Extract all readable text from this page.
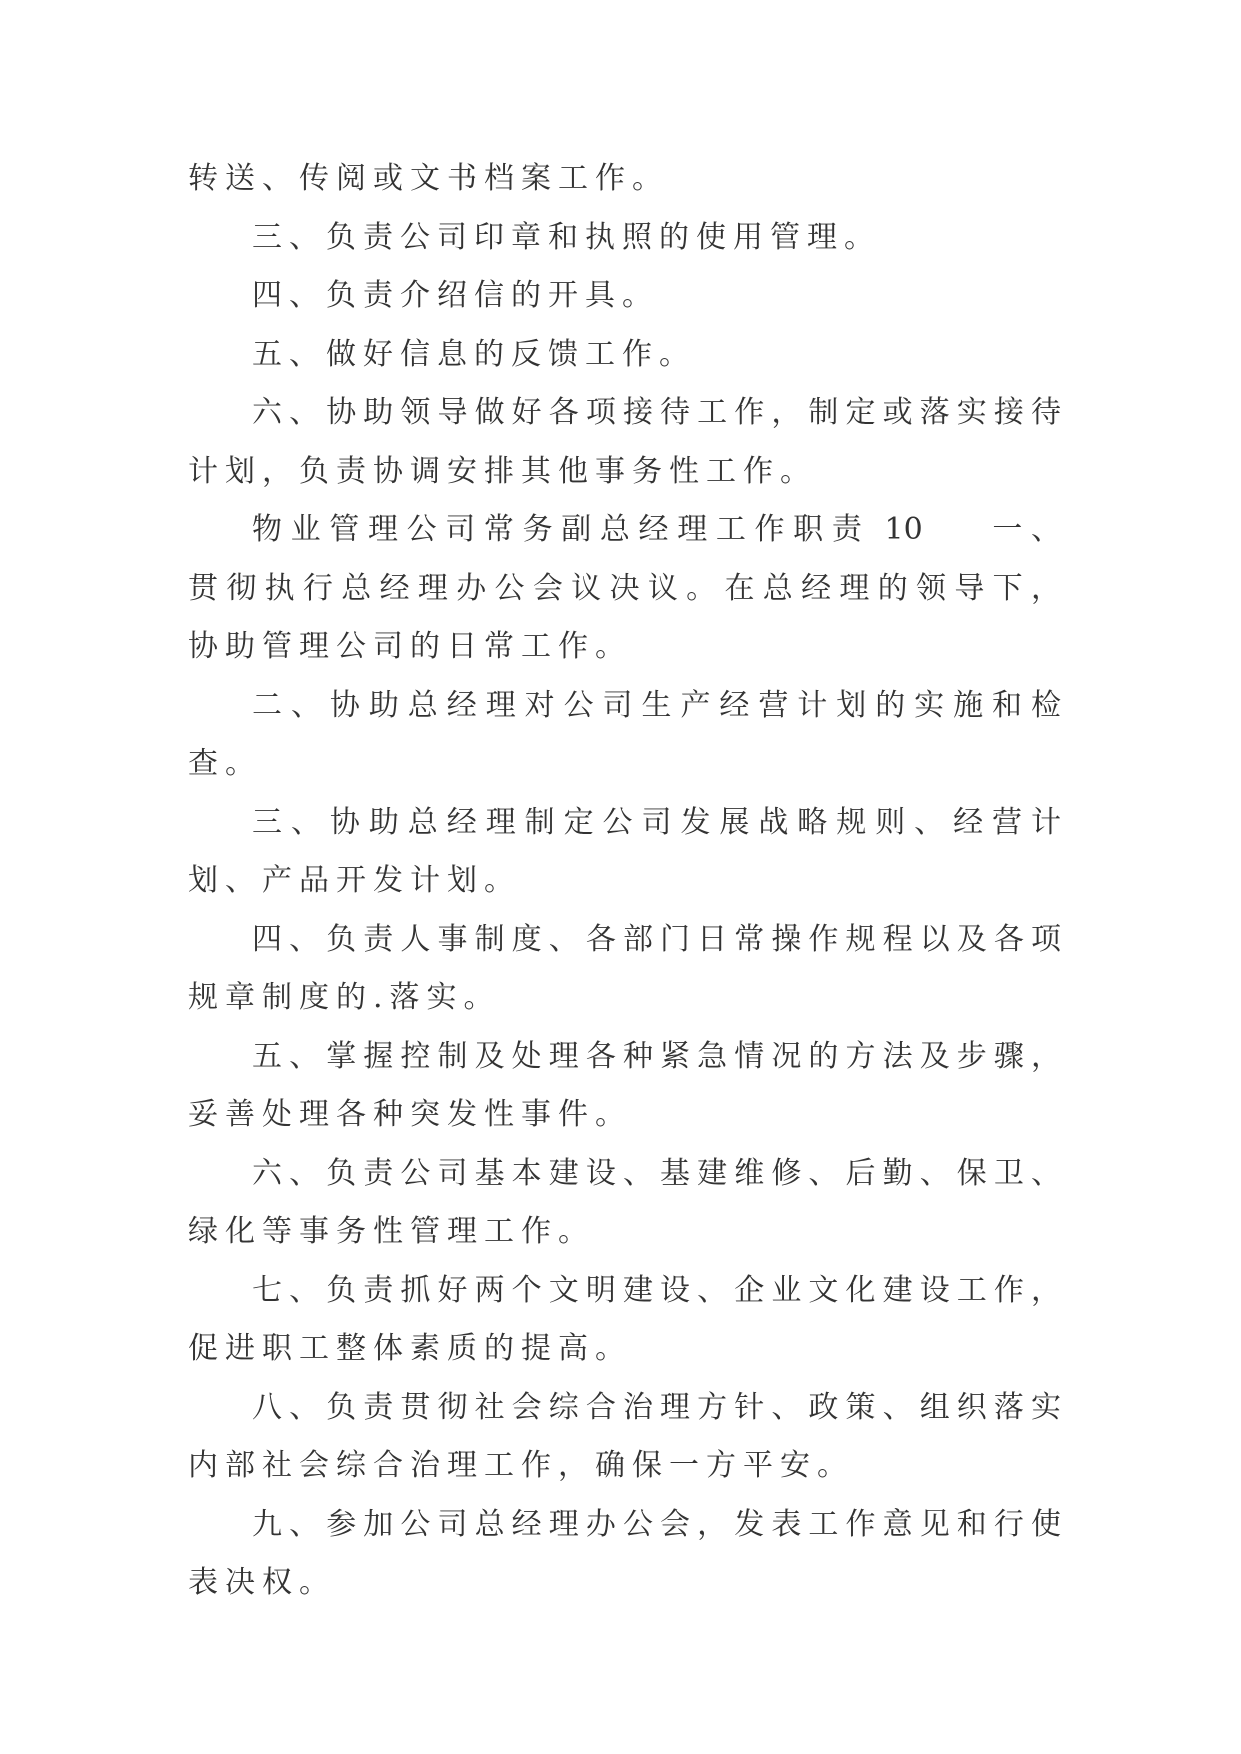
转送、传阅或文书档案工作。

三、负责公司印章和执照的使用管理。

四、负责介绍信的开具。

五、做好信息的反馈工作。

六、协助领导做好各项接待工作，制定或落实接待计划，负责协调安排其他事务性工作。

物业管理公司常务副总经理工作职责 10 一、贯彻执行总经理办公会议决议。在总经理的领导下，协助管理公司的日常工作。

二、协助总经理对公司生产经营计划的实施和检查。

三、协助总经理制定公司发展战略规则、经营计划、产品开发计划。

四、负责人事制度、各部门日常操作规程以及各项规章制度的.落实。

五、掌握控制及处理各种紧急情况的方法及步骤，妥善处理各种突发性事件。

六、负责公司基本建设、基建维修、后勤、保卫、绿化等事务性管理工作。

七、负责抓好两个文明建设、企业文化建设工作，促进职工整体素质的提高。

八、负责贯彻社会综合治理方针、政策、组织落实内部社会综合治理工作，确保一方平安。

九、参加公司总经理办公会，发表工作意见和行使表决权。
